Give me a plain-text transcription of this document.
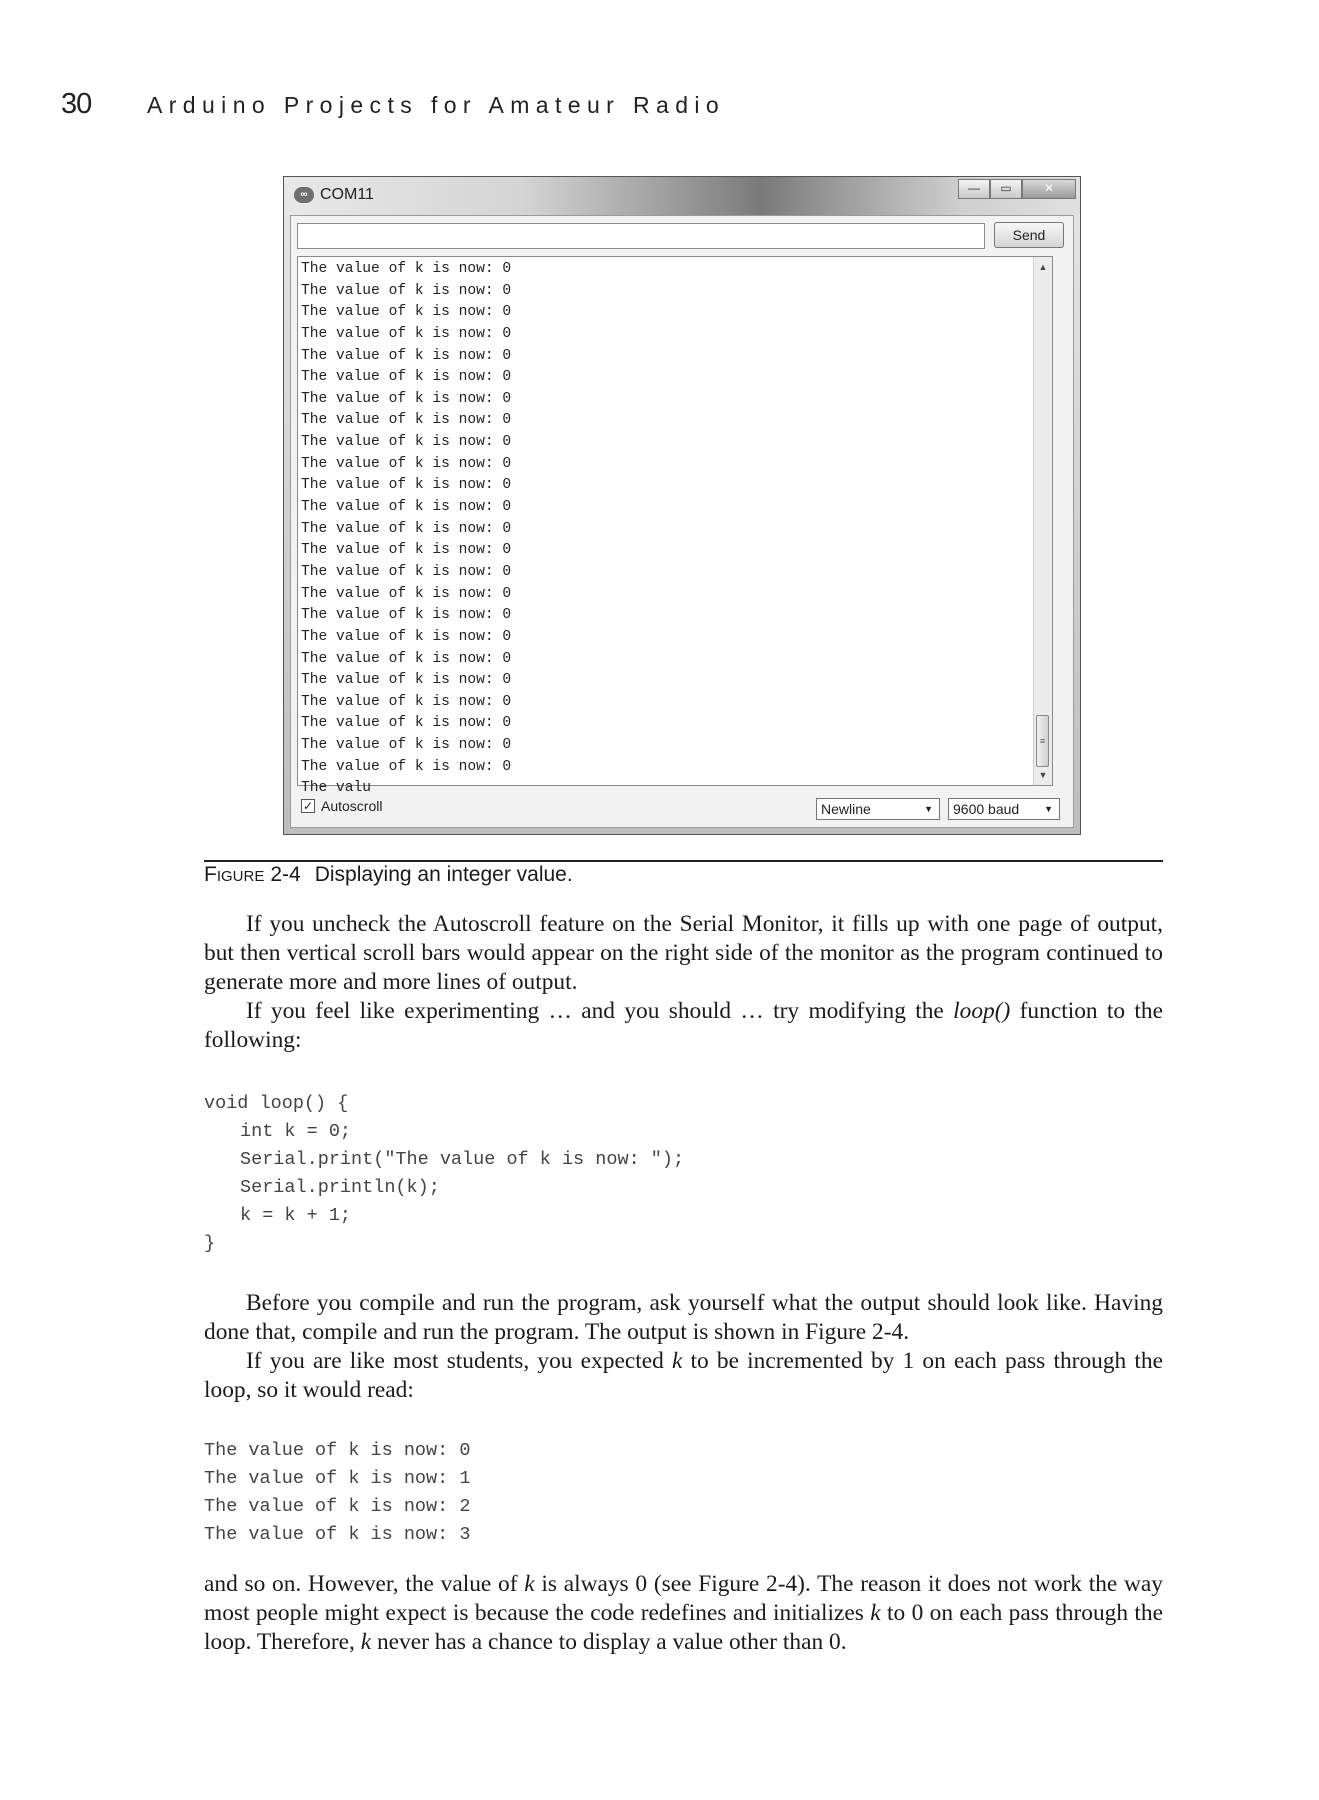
30 Arduino Projects for Amateur Radio
∞ COM11	—	▭	✕
Send
The value of k is now: 0
The value of k is now: 0
The value of k is now: 0
The value of k is now: 0
The value of k is now: 0
The value of k is now: 0
The value of k is now: 0
The value of k is now: 0
The value of k is now: 0
The value of k is now: 0
The value of k is now: 0
The value of k is now: 0
The value of k is now: 0
The value of k is now: 0
The value of k is now: 0
The value of k is now: 0
The value of k is now: 0
The value of k is now: 0
The value of k is now: 0
The value of k is now: 0
The value of k is now: 0
The value of k is now: 0
The value of k is now: 0
The value of k is now: 0
The valu
▲
≡
▼
✓ Autoscroll	Newline	▼	9600 baud	▼
Figure 2-4 Displaying an integer value.

If you uncheck the Autoscroll feature on the Serial Monitor, it fills up with one page of output, but then vertical scroll bars would appear on the right side of the monitor as the program continued to generate more and more lines of output.

If you feel like experimenting … and you should … try modifying the loop() function to the following:

void loop() {
int k = 0;
Serial.print("The value of k is now: ");
Serial.println(k);
k = k + 1;
}

Before you compile and run the program, ask yourself what the output should look like. Having done that, compile and run the program. The output is shown in Figure 2-4.

If you are like most students, you expected k to be incremented by 1 on each pass through the loop, so it would read:

The value of k is now: 0
The value of k is now: 1
The value of k is now: 2
The value of k is now: 3

and so on. However, the value of k is always 0 (see Figure 2-4). The reason it does not work the way most people might expect is because the code redefines and initializes k to 0 on each pass through the loop. Therefore, k never has a chance to display a value other than 0.
